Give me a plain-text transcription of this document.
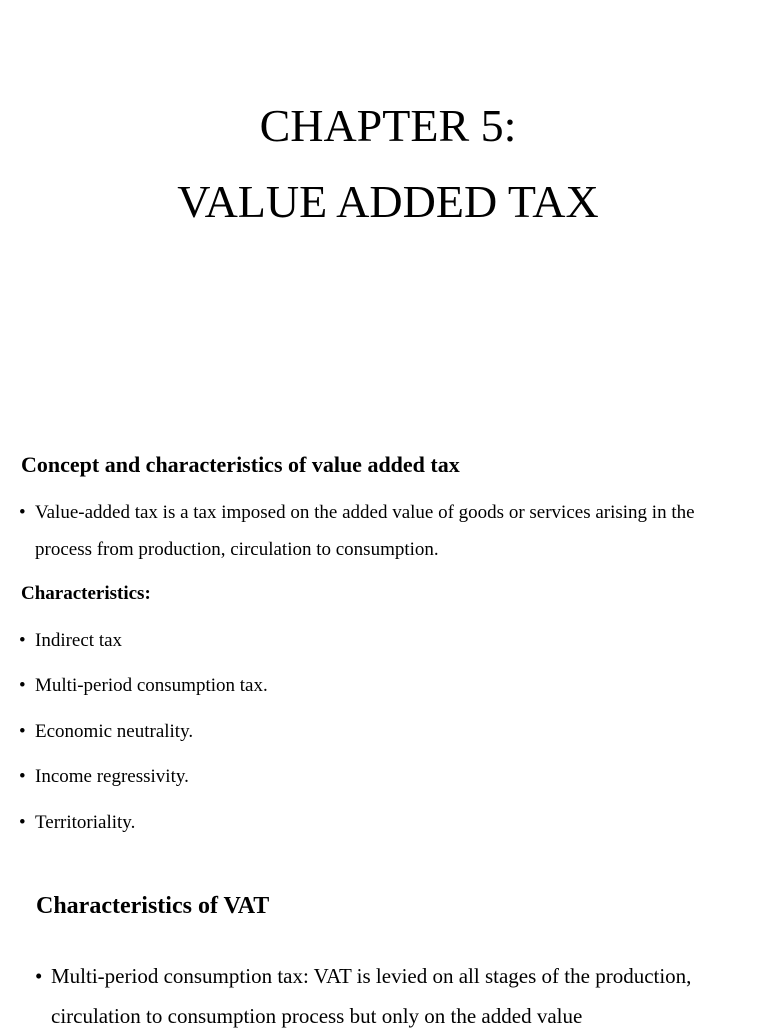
CHAPTER 5:
VALUE ADDED TAX
Concept and characteristics of value added tax
• Value-added tax is a tax imposed on the added value of goods or services arising in the process from production, circulation to consumption.
Characteristics:
• Indirect tax
• Multi-period consumption tax.
• Economic neutrality.
• Income regressivity.
• Territoriality.
Characteristics of VAT
• Multi-period consumption tax: VAT is levied on all stages of the production, circulation to consumption process but only on the added value
